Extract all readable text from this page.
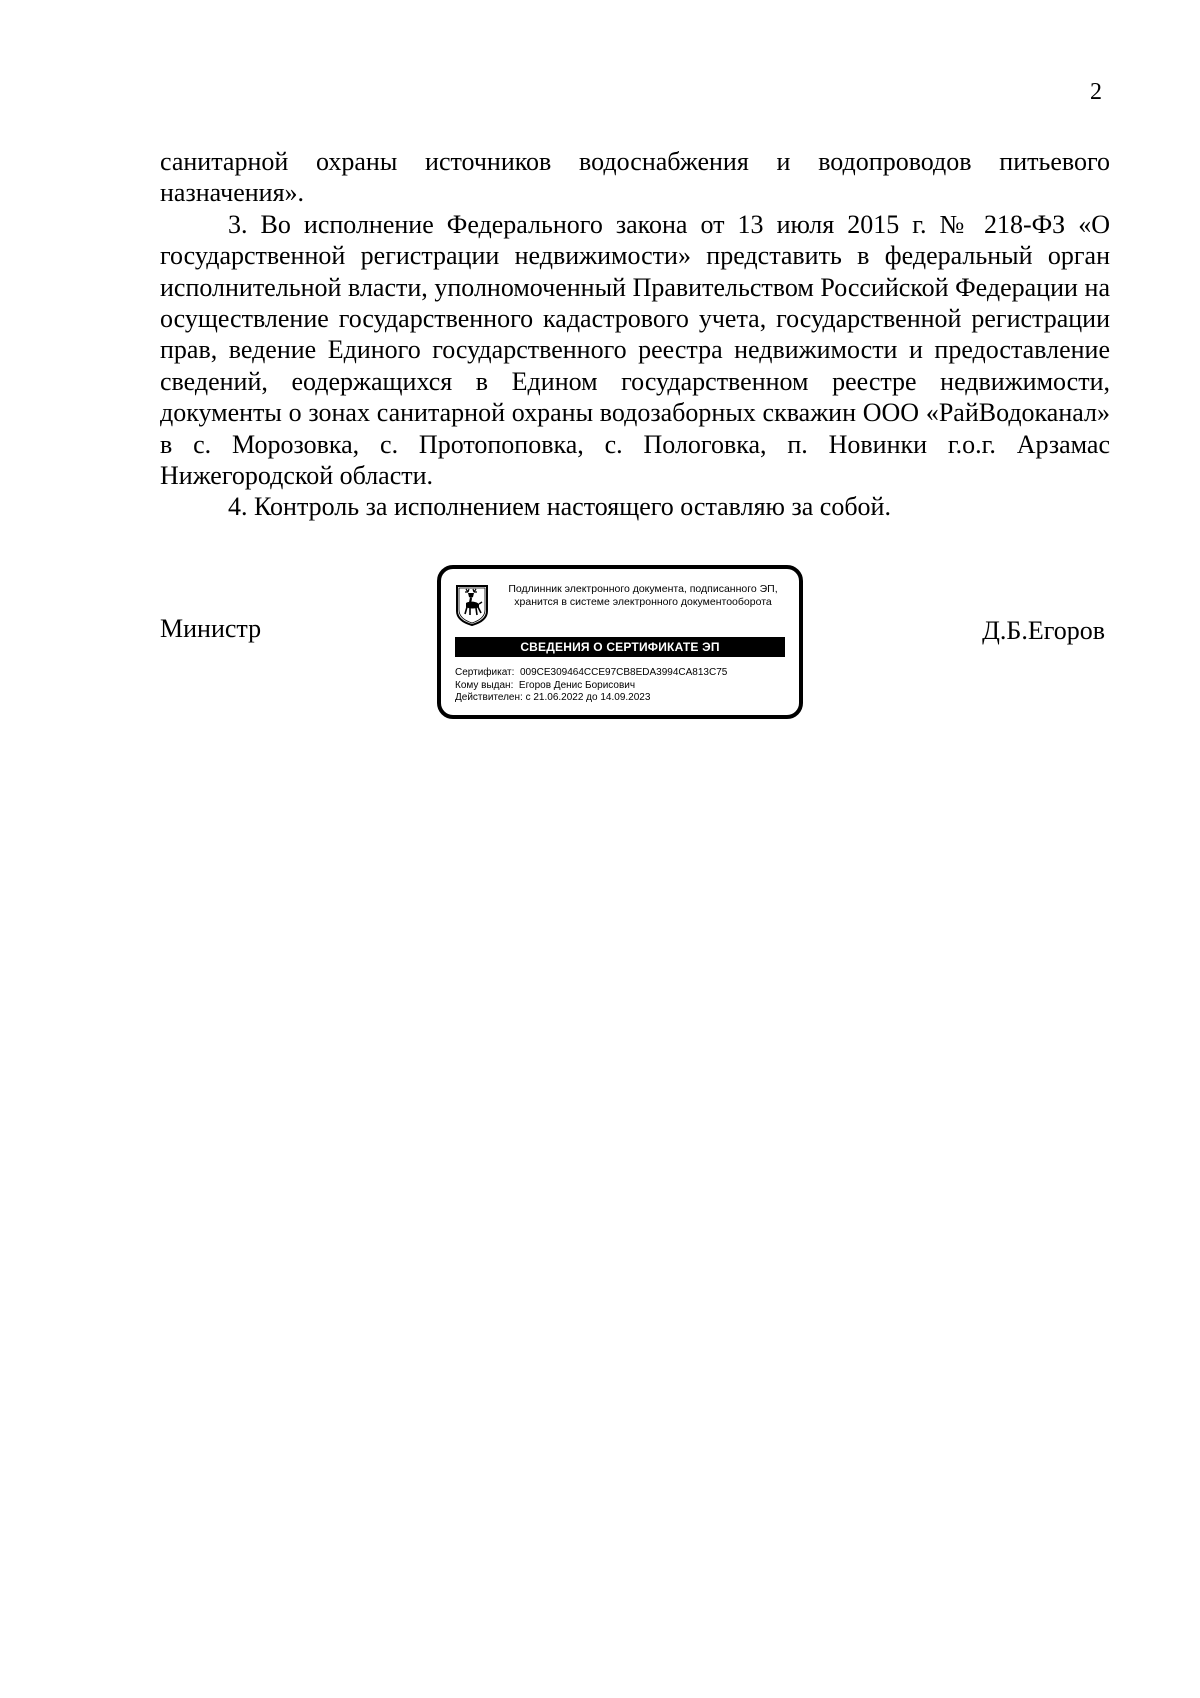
2

санитарной охраны источников водоснабжения и водопроводов питьевого назначения».

3. Во исполнение Федерального закона от 13 июля 2015 г. № 218-ФЗ «О государственной регистрации недвижимости» представить в федеральный орган исполнительной власти, уполномоченный Правительством Российской Федерации на осуществление государственного кадастрового учета, государственной регистрации прав, ведение Единого государственного реестра недвижимости и предоставление сведений, еодержащихся в Едином государственном реестре недвижимости, документы о зонах санитарной охраны водозаборных скважин ООО «РайВодоканал» в с. Морозовка, с. Протопоповка, с. Пологовка, п. Новинки г.о.г. Арзамас Нижегородской области.

4. Контроль за исполнением настоящего оставляю за собой.

Министр	Д.Б.Егоров
Подлинник электронного документа, подписанного ЭП,
хранится в системе электронного документооборота
СВЕДЕНИЯ О СЕРТИФИКАТЕ ЭП
Сертификат: 009CE309464CCE97CB8EDA3994CA813C75
Кому выдан: Егоров Денис Борисович
Действителен: с 21.06.2022 до 14.09.2023
